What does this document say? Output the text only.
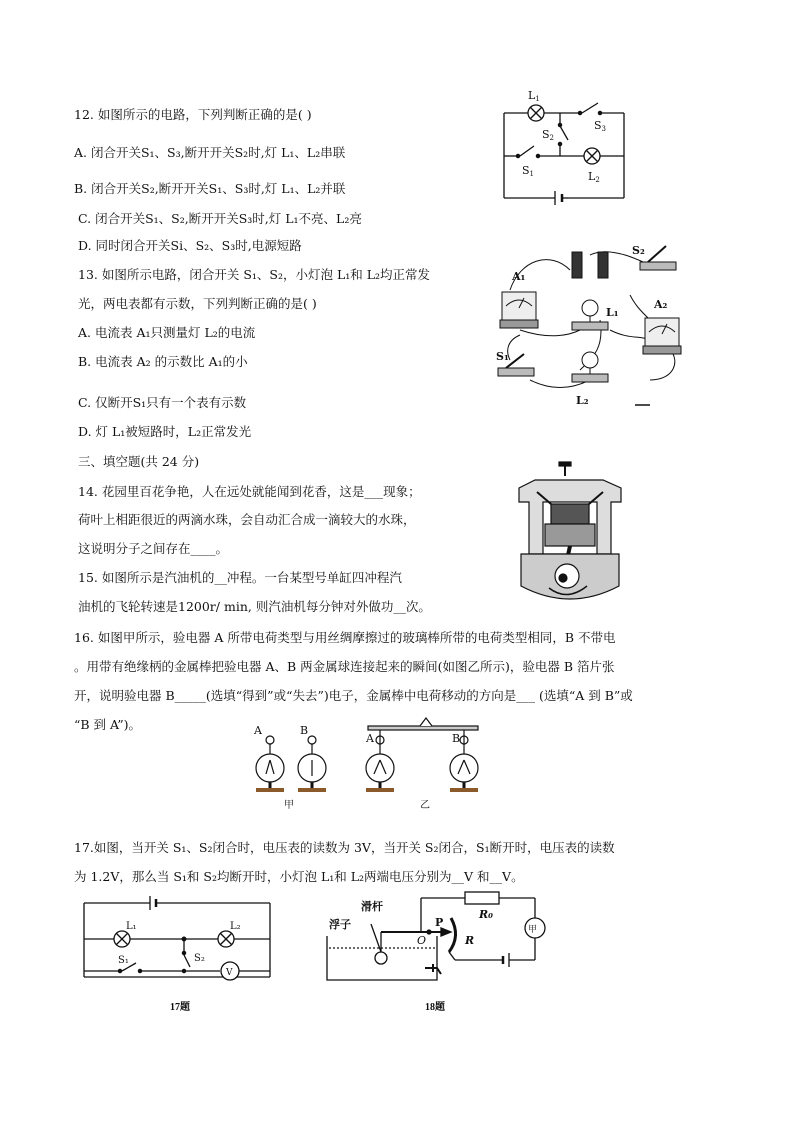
12. 如图所示的电路，下列判断正确的是( )
A. 闭合开关S₁、S₃,断开开关S₂时,灯 L₁、L₂串联
B. 闭合开关S₂,断开开关S₁、S₃时,灯 L₁、L₂并联
C. 闭合开关S₁、S₂,断开开关S₃时,灯 L₁不亮、L₂亮
D. 同时闭合开关Si、S₂、S₃时,电源短路
L1
S3
S2
S1	L2
13. 如图所示电路，闭合开关 S₁、S₂，小灯泡 L₁和 L₂均正常发
光，两电表都有示数，下列判断正确的是( )
A. 电流表 A₁只测量灯 L₂的电流
B. 电流表 A₂ 的示数比 A₁的小
C. 仅断开S₁只有一个表有示数
D. 灯 L₁被短路时，L₂正常发光
A₁
A₂
S₂
S₁
L₁
L₂
三、填空题(共 24 分)
14. 花园里百花争艳，人在远处就能闻到花香，这是___现象；
荷叶上相距很近的两滴水珠，会自动汇合成一滴较大的水珠，
这说明分子之间存在____。
15. 如图所示是汽油机的__冲程。一台某型号单缸四冲程汽
油机的飞轮转速是1200r/ min, 则汽油机每分钟对外做功__次。
16. 如图甲所示，验电器 A 所带电荷类型与用丝绸摩擦过的玻璃棒所带的电荷类型相同，B 不带电
。用带有绝缘柄的金属棒把验电器 A、B 两金属球连接起来的瞬间(如图乙所示)，验电器 B 箔片张
开，说明验电器 B_____(选填“得到”或“失去”)电子，金属棒中电荷移动的方向是___ (选填“A 到 B”或
“B 到 A”)。	A	B
A	B
甲	乙
17.如图，当开关 S₁、S₂闭合时，电压表的读数为 3V，当开关 S₂闭合，S₁断开时，电压表的读数
为 1.2V，那么当 S₁和 S₂均断开时，小灯泡 L₁和 L₂两端电压分别为__V 和__V。
L₁	L₂
S₁	S₂
V
17题
浮子
滑杆
R₀
P
O	R
甲
18题
